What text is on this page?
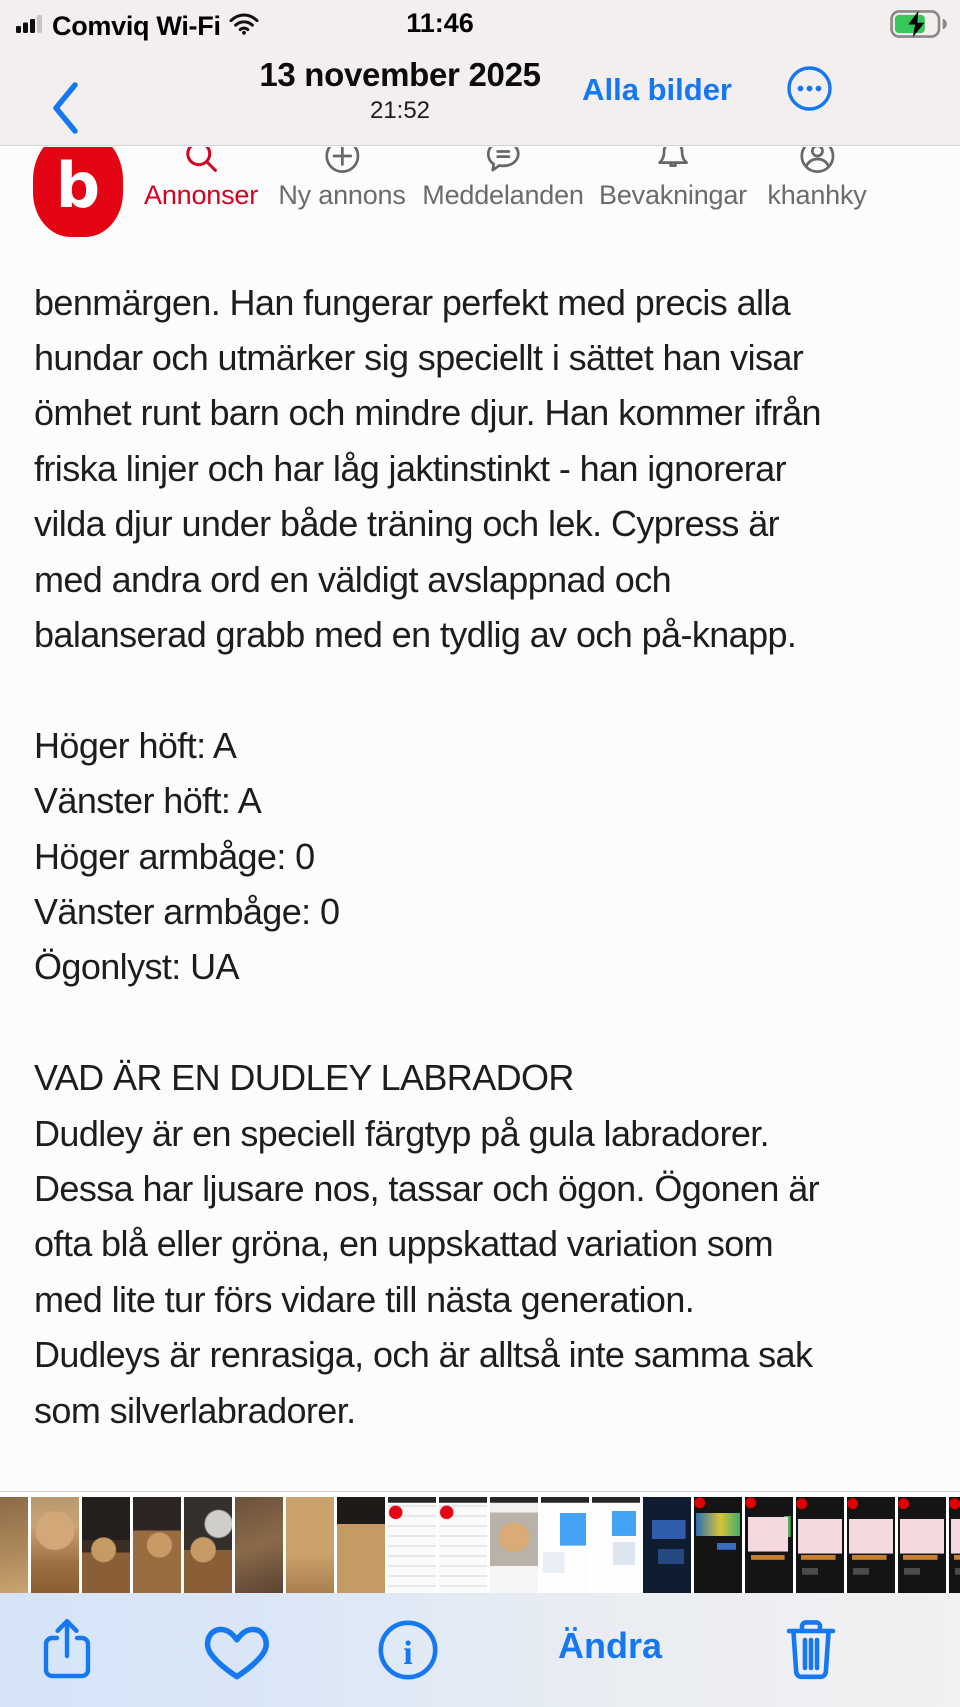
Comviq Wi-Fi	11:46
13 november 2025
21:52
Alla bilder
b Annonser Ny annons Meddelanden Bevakningar khanhky
benmärgen. Han fungerar perfekt med precis alla
hundar och utmärker sig speciellt i sättet han visar
ömhet runt barn och mindre djur. Han kommer ifrån
friska linjer och har låg jaktinstinkt - han ignorerar
vilda djur under både träning och lek. Cypress är
med andra ord en väldigt avslappnad och
balanserad grabb med en tydlig av och på-knapp.
Höger höft: A
Vänster höft: A
Höger armbåge: 0
Vänster armbåge: 0
Ögonlyst: UA
VAD ÄR EN DUDLEY LABRADOR
Dudley är en speciell färgtyp på gula labradorer.
Dessa har ljusare nos, tassar och ögon. Ögonen är
ofta blå eller gröna, en uppskattad variation som
med lite tur förs vidare till nästa generation.
Dudleys är renrasiga, och är alltså inte samma sak
som silverlabradorer.
i	Ändra
